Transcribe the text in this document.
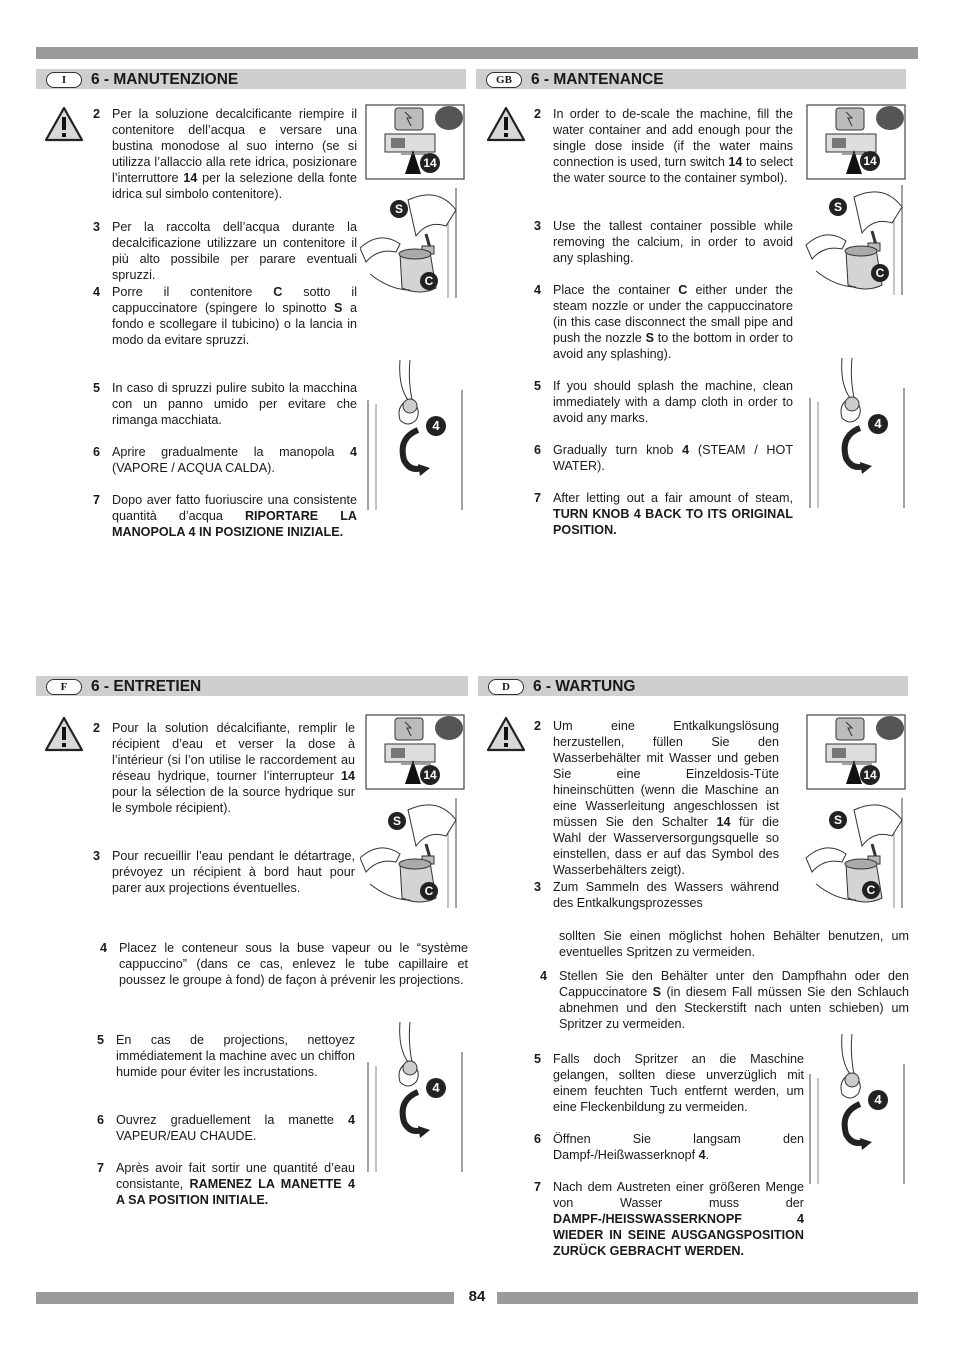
84
I	6 - MANUTENZIONE	GB	6 - MANTENANCE
F	6 - ENTRETIEN	D	6 - WARTUNG
2 Per la soluzione decalcificante riempire il contenitore dell’acqua e versare una bustina monodose al suo interno (se si utilizza l’allaccio alla rete idrica, posizionare l’interruttore 14 per la selezione della fonte idrica sul simbolo contenitore).
3 Per la raccolta dell’acqua durante la decalcificazione utilizzare un contenitore il più alto possibile per parare eventuali spruzzi.
4 Porre il contenitore C sotto il cappuccinatore (spingere lo spinotto S a fondo e scollegare il tubicino) o la lancia in modo da evitare spruzzi.
5 In caso di spruzzi pulire subito la macchina con un panno umido per evitare che rimanga macchiata.
6 Aprire gradualmente la manopola 4 (VAPORE / ACQUA CALDA).
7 Dopo aver fatto fuoriuscire una consistente quantità d’acqua RIPORTARE LA MANOPOLA 4 IN POSIZIONE INIZIALE.
2 In order to de-scale the machine, fill the water container and add enough pour the single dose inside (if the water mains connection is used, turn switch 14 to select the water source to the container symbol).
3 Use the tallest container possible while removing the calcium, in order to avoid any splashing.
4 Place the container C either under the steam nozzle or under the cappuccinatore (in this case disconnect the small pipe and push the nozzle S to the bottom in order to avoid any splashing).
5 If you should splash the machine, clean immediately with a damp cloth in order to avoid any marks.
6 Gradually turn knob 4 (STEAM / HOT WATER).
7 After letting out a fair amount of steam, TURN KNOB 4 BACK TO ITS ORIGINAL POSITION.
2 Pour la solution décalcifiante, remplir le récipient d’eau et verser la dose à l’intérieur (si l’on utilise le raccordement au réseau hydrique, tourner l’interrupteur 14 pour la sélection de la source hydrique sur le symbole récipient).
3 Pour recueillir l’eau pendant le détartrage, prévoyez un récipient à bord haut pour parer aux projections éventuelles.
4 Placez le conteneur sous la buse vapeur ou le “système cappuccino” (dans ce cas, enlevez le tube capillaire et poussez le groupe à fond) de façon à prévenir les projections.
5 En cas de projections, nettoyez immédiatement la machine avec un chiffon humide pour éviter les incrustations.
6 Ouvrez graduellement la manette 4 VAPEUR/EAU CHAUDE.
7 Après avoir fait sortir une quantité d’eau consistante, RAMENEZ LA MANETTE 4 A SA POSITION INITIALE.
2 Um eine Entkalkungslösung herzustellen, füllen Sie den Wasserbehälter mit Wasser und geben Sie eine Einzeldosis-Tüte hineinschütten (wenn die Maschine an eine Wasserleitung angeschlossen ist müssen Sie den Schalter 14 für die Wahl der Wasserversorgungsquelle so einstellen, dass er auf das Symbol des Wasserbehälters zeigt).
3 Zum Sammeln des Wassers während des Entkalkungsprozesses
sollten Sie einen möglichst hohen Behälter benutzen, um eventuelles Spritzen zu vermeiden.
4 Stellen Sie den Behälter unter den Dampfhahn oder den Cappuccinatore S (in diesem Fall müssen Sie den Schlauch abnehmen und den Steckerstift nach unten schieben) um Spritzer zu vermeiden.
5 Falls doch Spritzer an die Maschine gelangen, sollten diese unverzüglich mit einem feuchten Tuch entfernt werden, um eine Fleckenbildung zu vermeiden.
6 Öffnen Sie langsam den Dampf-/Heißwasserknopf 4.
7 Nach dem Austreten einer größeren Menge von Wasser muss der DAMPF-/HEISSWASSERKNOPF 4 WIEDER IN SEINE AUSGANGSPOSITION ZURÜCK GEBRACHT WERDEN.
14	14
14	14
S
C
S
C
S
C
S
C
4	4
4
4
